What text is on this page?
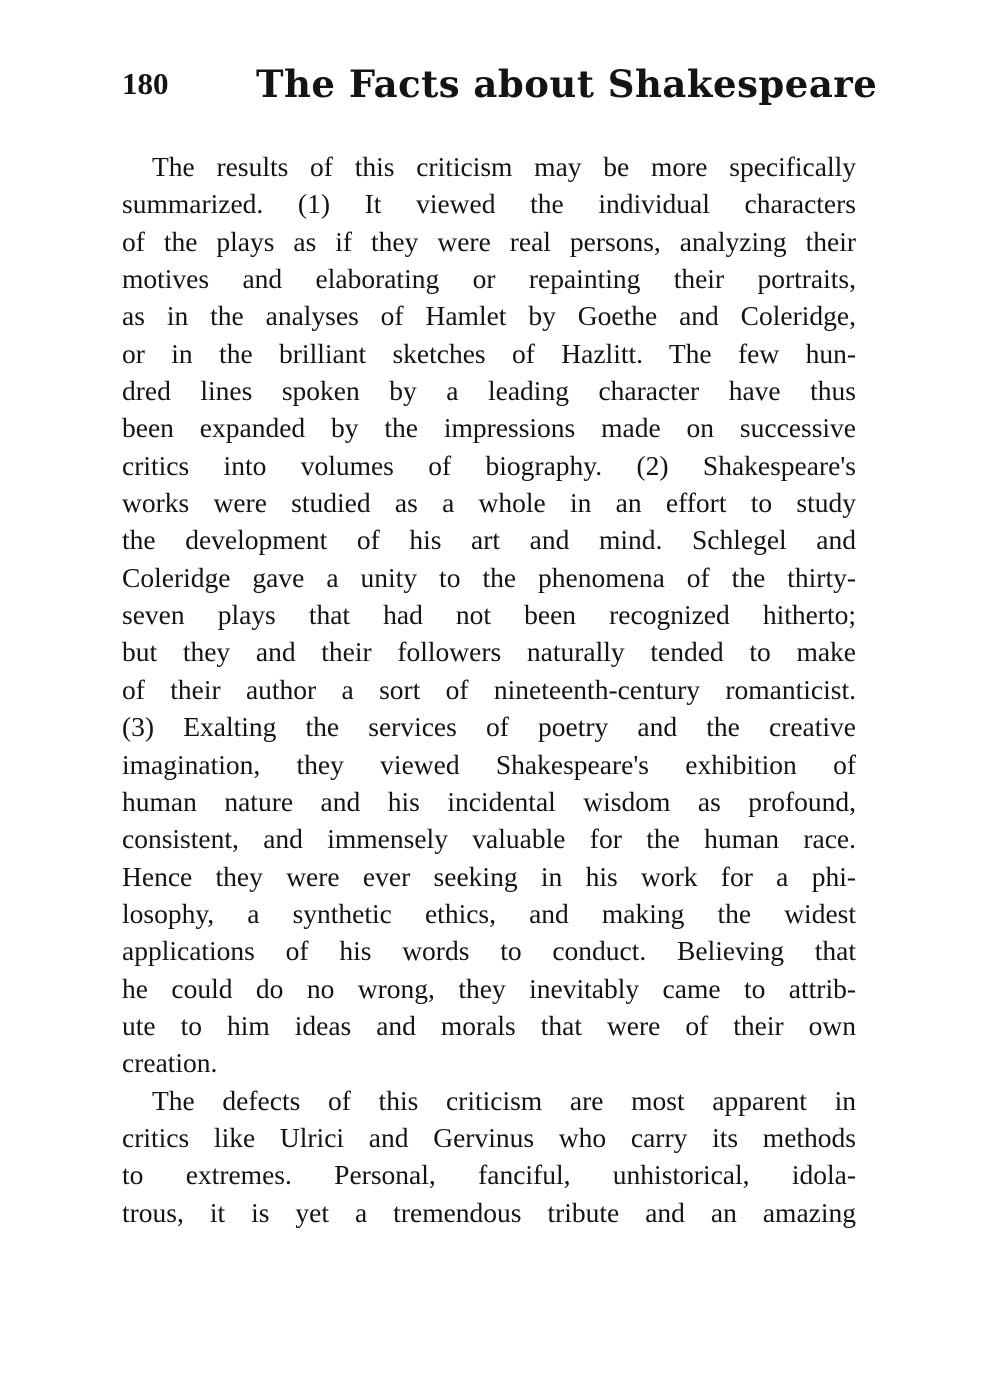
180 The Facts about Shakespeare
The results of this criticism may be more specifically
summarized. (1) It viewed the individual characters
of the plays as if they were real persons, analyzing their
motives and elaborating or repainting their portraits,
as in the analyses of Hamlet by Goethe and Coleridge,
or in the brilliant sketches of Hazlitt. The few hun-
dred lines spoken by a leading character have thus
been expanded by the impressions made on successive
critics into volumes of biography. (2) Shakespeare's
works were studied as a whole in an effort to study
the development of his art and mind. Schlegel and
Coleridge gave a unity to the phenomena of the thirty-
seven plays that had not been recognized hitherto;
but they and their followers naturally tended to make
of their author a sort of nineteenth-century romanticist.
(3) Exalting the services of poetry and the creative
imagination, they viewed Shakespeare's exhibition of
human nature and his incidental wisdom as profound,
consistent, and immensely valuable for the human race.
Hence they were ever seeking in his work for a phi-
losophy, a synthetic ethics, and making the widest
applications of his words to conduct. Believing that
he could do no wrong, they inevitably came to attrib-
ute to him ideas and morals that were of their own
creation.
The defects of this criticism are most apparent in
critics like Ulrici and Gervinus who carry its methods
to extremes. Personal, fanciful, unhistorical, idola-
trous, it is yet a tremendous tribute and an amazing
